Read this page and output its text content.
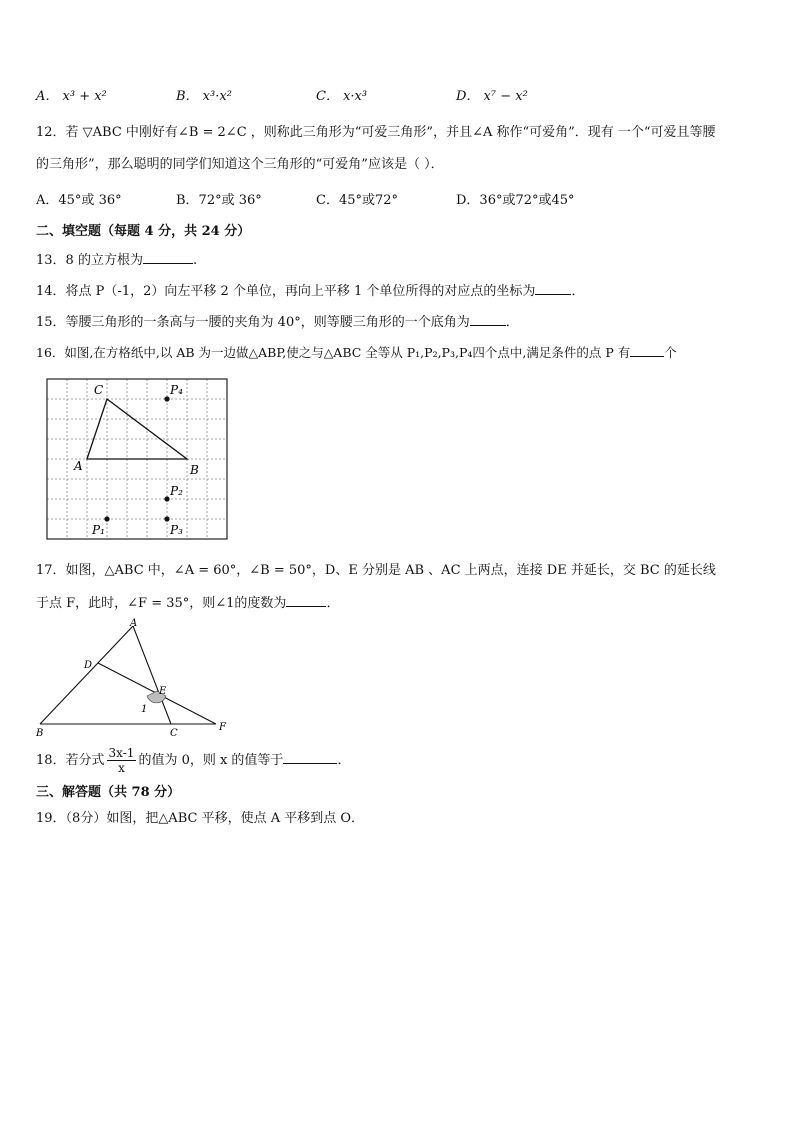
A． x³ + x²	B． x³·x²	C． x·x³	D． x⁷ − x²
12．若 ▽ABC 中刚好有∠B = 2∠C ，则称此三角形为“可爱三角形”，并且∠A 称作“可爱角”．现有 一个“可爱且等腰
的三角形”，那么聪明的同学们知道这个三角形的“可爱角”应该是（ ）．
A．45°或 36°	B．72°或 36°	C．45°或72°	D．36°或72°或45°
二、填空题（每题 4 分，共 24 分）
13．8 的立方根为	.
14．将点 P（-1，2）向左平移 2 个单位，再向上平移 1 个单位所得的对应点的坐标为	．
15．等腰三角形的一条高与一腰的夹角为 40°，则等腰三角形的一个底角为	．
16．如图,在方格纸中,以 AB 为一边做△ABP,使之与△ABC 全等从 P₁,P₂,P₃,P₄四个点中,满足条件的点 P 有	个
C
A	B
P₄
P₂
P₁	P₃
17．如图，△ABC 中，∠A = 60°，∠B = 50°，D、E 分别是 AB 、AC 上两点，连接 DE 并延长，交 BC 的延长线
于点 F，此时，∠F = 35°，则∠1的度数为	．
A
D
E
1
B	C
F
18．若分式 $\frac{3x-1}{x}$ 的值为 0，则 x 的值等于	．
三、解答题（共 78 分）
19．（8分）如图，把△ABC 平移，使点 A 平移到点 O．
